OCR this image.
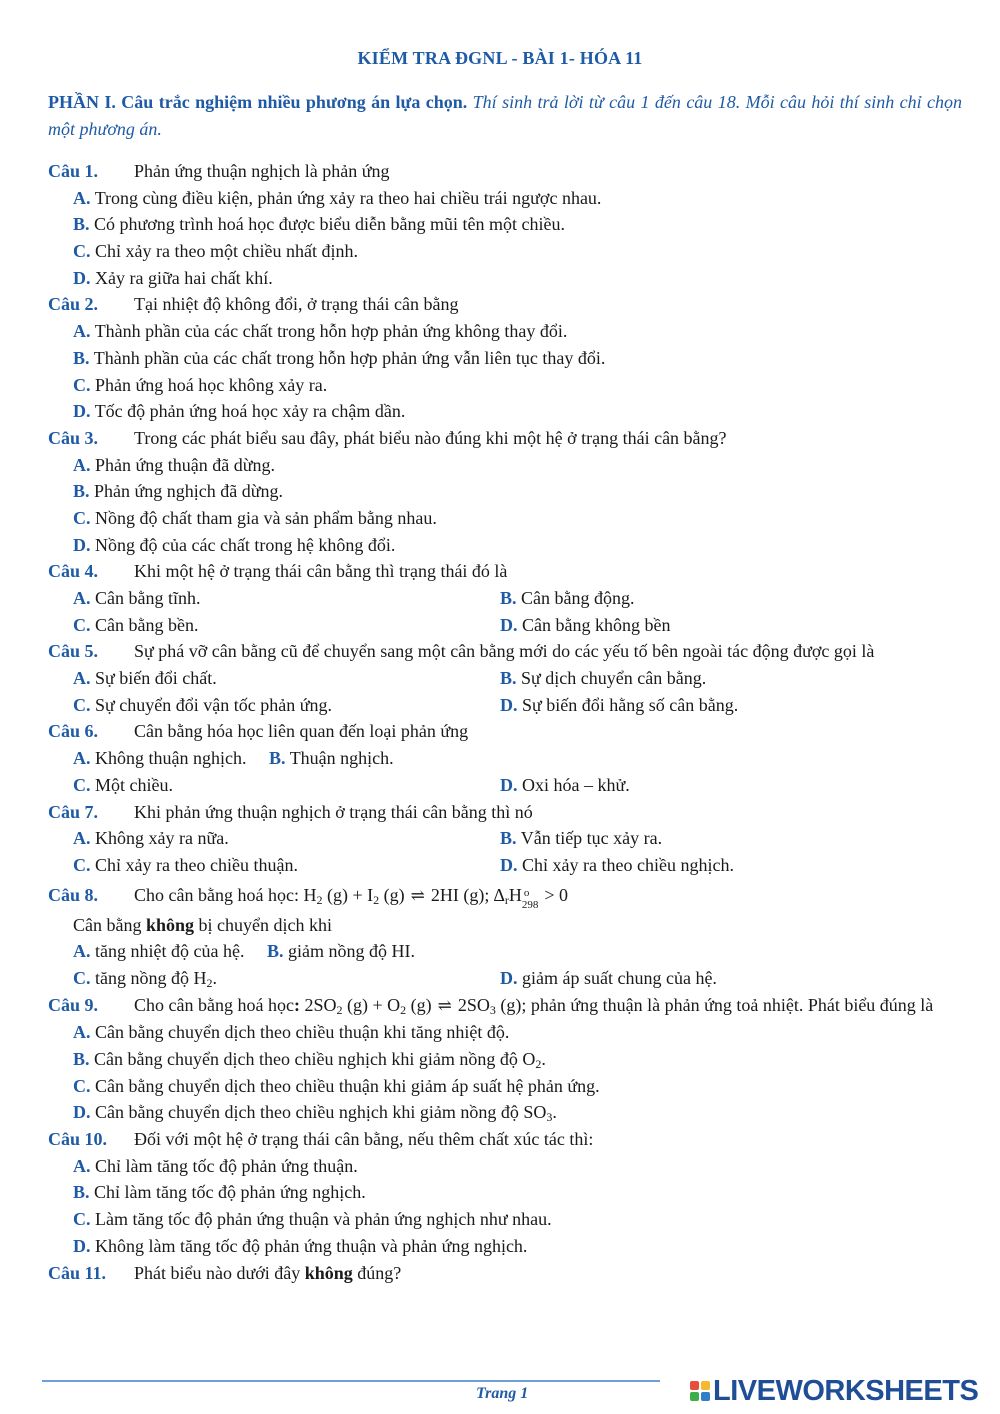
KIỂM TRA ĐGNL - BÀI 1- HÓA 11
PHẦN I. Câu trắc nghiệm nhiều phương án lựa chọn. Thí sinh trả lời từ câu 1 đến câu 18. Mỗi câu hỏi thí sinh chỉ chọn một phương án.
Câu 1. Phản ứng thuận nghịch là phản ứng
A. Trong cùng điều kiện, phản ứng xảy ra theo hai chiều trái ngược nhau.
B. Có phương trình hoá học được biểu diễn bằng mũi tên một chiều.
C. Chỉ xảy ra theo một chiều nhất định.
D. Xảy ra giữa hai chất khí.
Câu 2. Tại nhiệt độ không đổi, ở trạng thái cân bằng
A. Thành phần của các chất trong hỗn hợp phản ứng không thay đổi.
B. Thành phần của các chất trong hỗn hợp phản ứng vẫn liên tục thay đổi.
C. Phản ứng hoá học không xảy ra.
D. Tốc độ phản ứng hoá học xảy ra chậm dần.
Câu 3. Trong các phát biểu sau đây, phát biểu nào đúng khi một hệ ở trạng thái cân bằng?
A. Phản ứng thuận đã dừng.
B. Phản ứng nghịch đã dừng.
C. Nồng độ chất tham gia và sản phẩm bằng nhau.
D. Nồng độ của các chất trong hệ không đổi.
Câu 4. Khi một hệ ở trạng thái cân bằng thì trạng thái đó là
A. Cân bằng tĩnh.	B. Cân bằng động.
C. Cân bằng bền.	D. Cân bằng không bền
Câu 5. Sự phá vỡ cân bằng cũ để chuyển sang một cân bằng mới do các yếu tố bên ngoài tác động được gọi là
A. Sự biến đổi chất.	B. Sự dịch chuyển cân bằng.
C. Sự chuyển đổi vận tốc phản ứng.	D. Sự biến đổi hằng số cân bằng.
Câu 6. Cân bằng hóa học liên quan đến loại phản ứng
A. Không thuận nghịch. B. Thuận nghịch.
C. Một chiều.	D. Oxi hóa – khử.
Câu 7. Khi phản ứng thuận nghịch ở trạng thái cân bằng thì nó
A. Không xảy ra nữa.	B. Vẫn tiếp tục xảy ra.
C. Chỉ xảy ra theo chiều thuận.	D. Chỉ xảy ra theo chiều nghịch.
Câu 8. Cho cân bằng hoá học: $H_2$ $(g) + I_2$ (g) ⇌ 2HI (g); $\Delta_rH$ o
298 > 0
Cân bằng không bị chuyển dịch khi
A. tăng nhiệt độ của hệ. B. giảm nồng độ HI.
C. tăng nồng độ $H_2$.	D. giảm áp suất chung của hệ.
Câu 9. Cho cân bằng hoá học: $2SO_2$ $(g) + O_2$ (g) ⇌ $2SO_3$ (g); phản ứng thuận là phản ứng toả nhiệt. Phát biểu đúng là
A. Cân bằng chuyển dịch theo chiều thuận khi tăng nhiệt độ.
B. Cân bằng chuyển dịch theo chiều nghịch khi giảm nồng độ $O_2$.
C. Cân bằng chuyển dịch theo chiều thuận khi giảm áp suất hệ phản ứng.
D. Cân bằng chuyển dịch theo chiều nghịch khi giảm nồng độ $SO_3$.
Câu 10. Đối với một hệ ở trạng thái cân bằng, nếu thêm chất xúc tác thì:
A. Chỉ làm tăng tốc độ phản ứng thuận.
B. Chỉ làm tăng tốc độ phản ứng nghịch.
C. Làm tăng tốc độ phản ứng thuận và phản ứng nghịch như nhau.
D. Không làm tăng tốc độ phản ứng thuận và phản ứng nghịch.
Câu 11. Phát biểu nào dưới đây không đúng?
Trang 1	LIVEWORKSHEETS
